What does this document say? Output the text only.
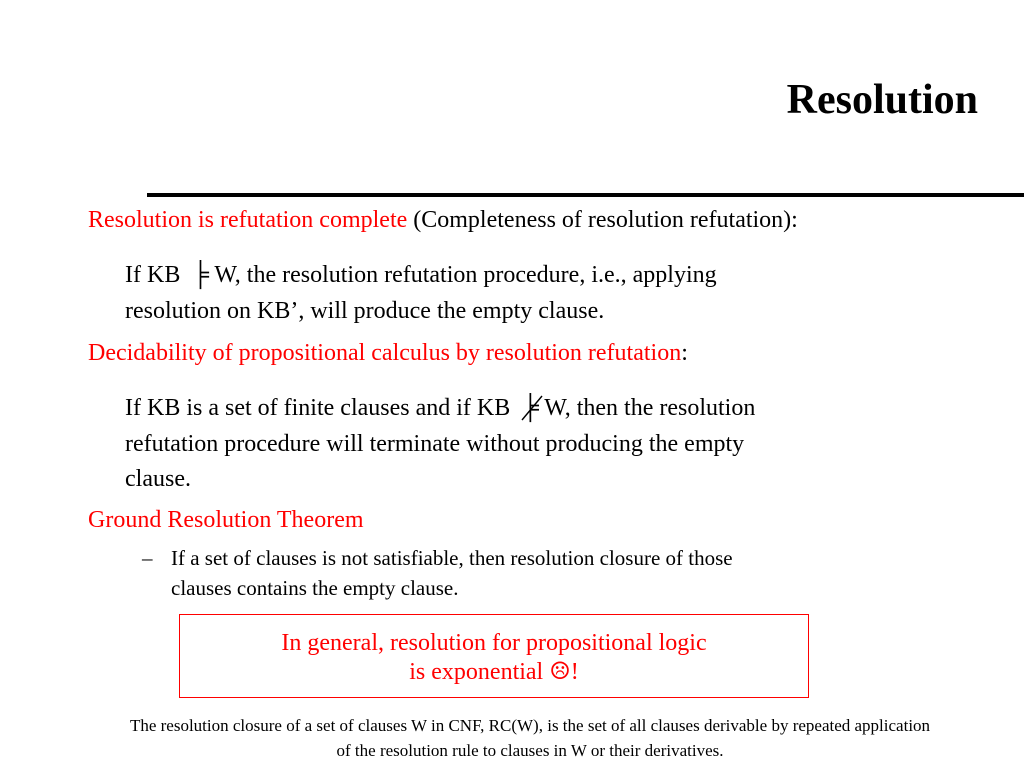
Resolution
Resolution is refutation complete (Completeness of resolution refutation):
If KB ╞ W, the resolution refutation procedure, i.e., applying
resolution on KB’, will produce the empty clause.
Decidability of propositional calculus by resolution refutation:
If KB is a set of finite clauses and if KB ╞ W, then the resolution
refutation procedure will terminate without producing the empty
clause.
Ground Resolution Theorem
– If a set of clauses is not satisfiable, then resolution closure of those
clauses contains the empty clause.
In general, resolution for propositional logic
is exponential ☹!
The resolution closure of a set of clauses W in CNF, RC(W), is the set of all clauses derivable by repeated application
of the resolution rule to clauses in W or their derivatives.
